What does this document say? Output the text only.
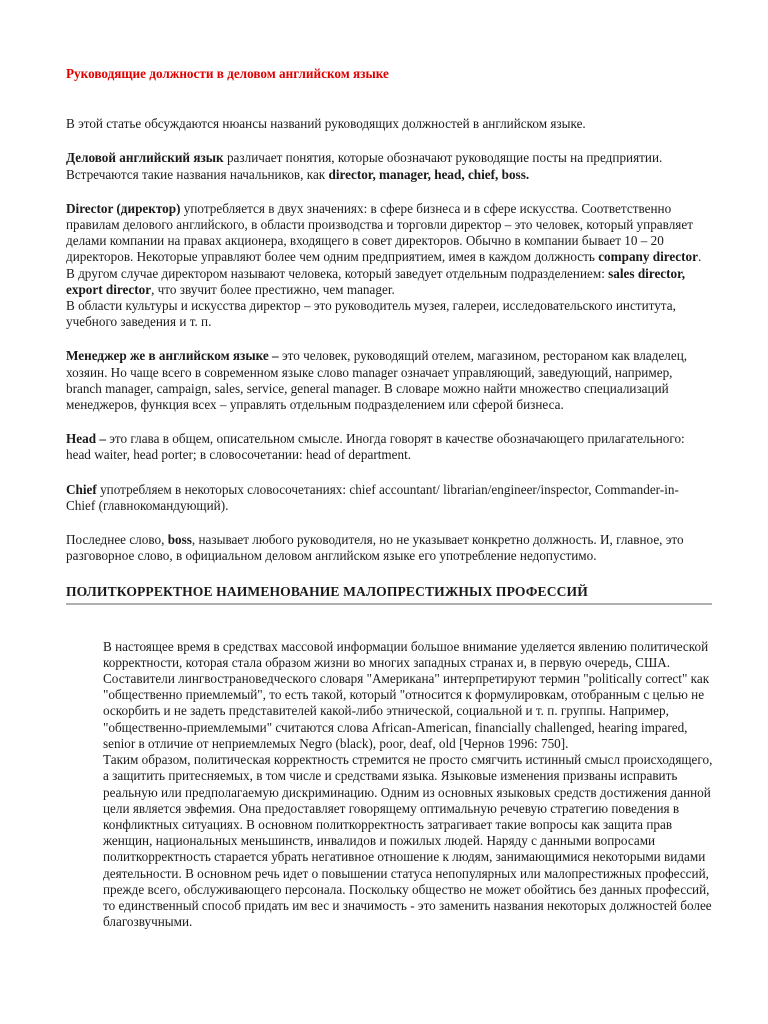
Руководящие должности в деловом английском языке

В этой статье обсуждаются нюансы названий руководящих должностей в английском языке.

Деловой английский язык различает понятия, которые обозначают руководящие посты на предприятии. Встречаются такие названия начальников, как director, manager, head, chief, boss.

Director (директор) употребляется в двух значениях: в сфере бизнеса и в сфере искусства. Соответственно правилам делового английского, в области производства и торговли директор – это человек, который управляет делами компании на правах акционера, входящего в совет директоров. Обычно в компании бывает 10 – 20 директоров. Некоторые управляют более чем одним предприятием, имея в каждом должность company director. В другом случае директором называют человека, который заведует отдельным подразделением: sales director, export director, что звучит более престижно, чем manager.
В области культуры и искусства директор – это руководитель музея, галереи, исследовательского института, учебного заведения и т. п.

Менеджер же в английском языке – это человек, руководящий отелем, магазином, рестораном как владелец, хозяин. Но чаще всего в современном языке слово manager означает управляющий, заведующий, например, branch manager, campaign, sales, service, general manager. В словаре можно найти множество специализаций менеджеров, функция всех – управлять отдельным подразделением или сферой бизнеса.

Head – это глава в общем, описательном смысле. Иногда говорят в качестве обозначающего прилагательного: head waiter, head porter; в словосочетании: head of department.

Chief употребляем в некоторых словосочетаниях: chief accountant/ librarian/engineer/inspector, Commander-in-Chief (главнокомандующий).

Последнее слово, boss, называет любого руководителя, но не указывает конкретно должность. И, главное, это разговорное слово, в официальном деловом английском языке его употребление недопустимо.

ПОЛИТКОРРЕКТНОЕ НАИМЕНОВАНИЕ МАЛОПРЕСТИЖНЫХ ПРОФЕССИЙ
В настоящее время в средствах массовой информации большое внимание уделяется явлению политической корректности, которая стала образом жизни во многих западных странах и, в первую очередь, США. Составители лингвострановедческого словаря "Американа" интерпретируют термин "politically correct" как "общественно приемлемый", то есть такой, который "относится к формулировкам, отобранным с целью не оскорбить и не задеть представителей какой-либо этнической, социальной и т. п. группы. Например, "общественно-приемлемыми" считаются слова African-American, financially challenged, hearing impared, senior в отличие от неприемлемых Negro (black), poor, deaf, old [Чернов 1996: 750].
Таким образом, политическая корректность стремится не просто смягчить истинный смысл происходящего, а защитить притесняемых, в том числе и средствами языка. Языковые изменения призваны исправить реальную или предполагаемую дискриминацию. Одним из основных языковых средств достижения данной цели является эвфемия. Она предоставляет говорящему оптимальную речевую стратегию поведения в конфликтных ситуациях. В основном политкорректность затрагивает такие вопросы как защита прав женщин, национальных меньшинств, инвалидов и пожилых людей. Наряду с данными вопросами политкорректность старается убрать негативное отношение к людям, занимающимися некоторыми видами деятельности. В основном речь идет о повышении статуса непопулярных или малопрестижных профессий, прежде всего, обслуживающего персонала. Поскольку общество не может обойтись без данных профессий, то единственный способ придать им вес и значимость - это заменить названия некоторых должностей более благозвучными.
